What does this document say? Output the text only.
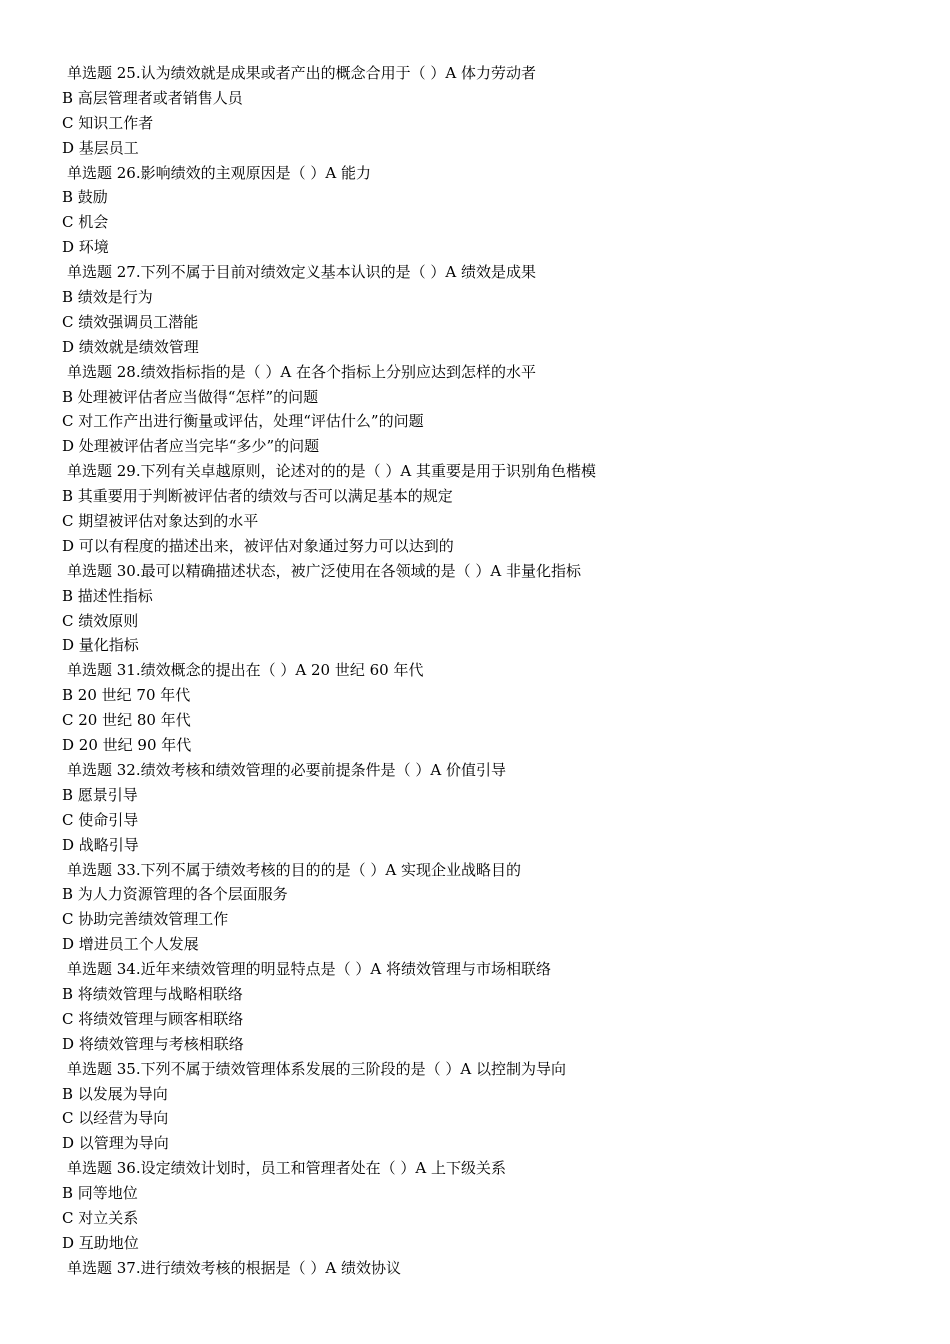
单选题 25.认为绩效就是成果或者产出的概念合用于（ ）A 体力劳动者
B 高层管理者或者销售人员
C 知识工作者
D 基层员工
单选题 26.影响绩效的主观原因是（ ）A 能力
B 鼓励
C 机会
D 环境
单选题 27.下列不属于目前对绩效定义基本认识的是（ ）A 绩效是成果
B 绩效是行为
C 绩效强调员工潜能
D 绩效就是绩效管理
单选题 28.绩效指标指的是（ ）A 在各个指标上分别应达到怎样的水平
B 处理被评估者应当做得“怎样”的问题
C 对工作产出进行衡量或评估，处理“评估什么”的问题
D 处理被评估者应当完毕“多少”的问题
单选题 29.下列有关卓越原则，论述对的的是（ ）A 其重要是用于识别角色楷模
B 其重要用于判断被评估者的绩效与否可以满足基本的规定
C 期望被评估对象达到的水平
D 可以有程度的描述出来，被评估对象通过努力可以达到的
单选题 30.最可以精确描述状态，被广泛使用在各领域的是（ ）A 非量化指标
B 描述性指标
C 绩效原则
D 量化指标
单选题 31.绩效概念的提出在（ ）A 20 世纪 60 年代
B 20 世纪 70 年代
C 20 世纪 80 年代
D 20 世纪 90 年代
单选题 32.绩效考核和绩效管理的必要前提条件是（ ）A 价值引导
B 愿景引导
C 使命引导
D 战略引导
单选题 33.下列不属于绩效考核的目的的是（ ）A 实现企业战略目的
B 为人力资源管理的各个层面服务
C 协助完善绩效管理工作
D 增进员工个人发展
单选题 34.近年来绩效管理的明显特点是（ ）A 将绩效管理与市场相联络
B 将绩效管理与战略相联络
C 将绩效管理与顾客相联络
D 将绩效管理与考核相联络
单选题 35.下列不属于绩效管理体系发展的三阶段的是（ ）A 以控制为导向
B 以发展为导向
C 以经营为导向
D 以管理为导向
单选题 36.设定绩效计划时，员工和管理者处在（ ）A 上下级关系
B 同等地位
C 对立关系
D 互助地位
单选题 37.进行绩效考核的根据是（ ）A 绩效协议
